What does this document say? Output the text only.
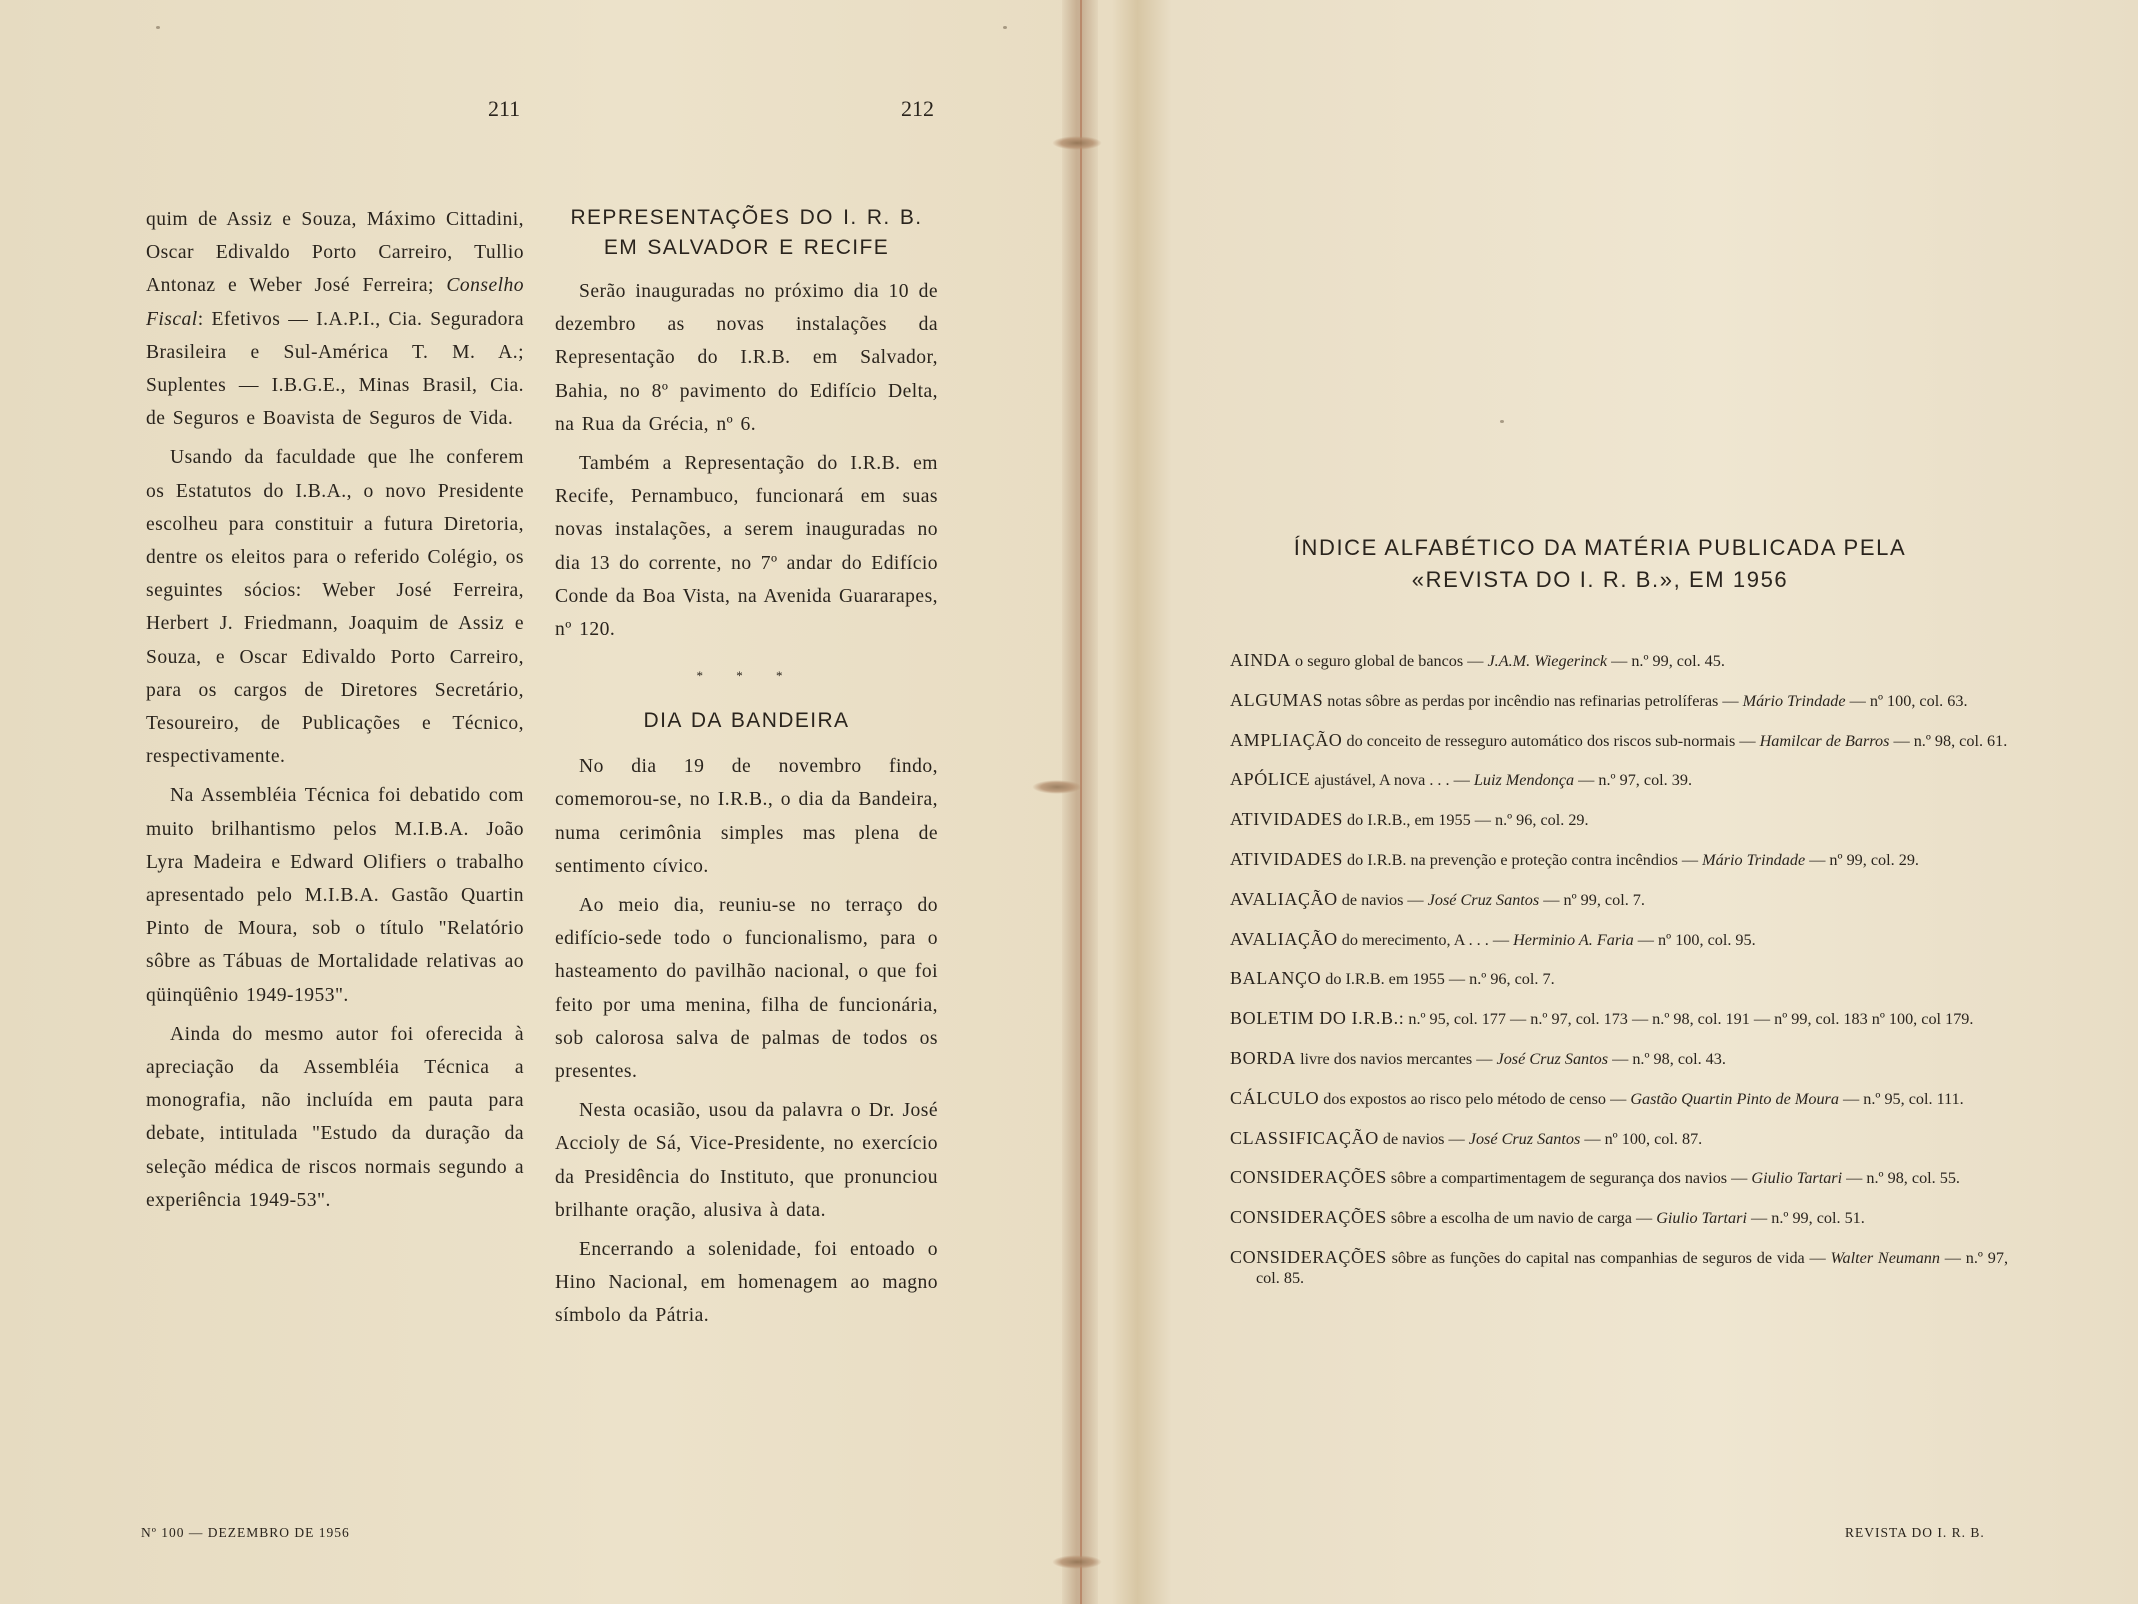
211	212

quim de Assiz e Souza, Máximo Cittadini, Oscar Edivaldo Porto Carreiro, Tullio Antonaz e Weber José Ferreira; Conselho Fiscal: Efetivos — I.A.P.I., Cia. Seguradora Brasileira e Sul-América T. M. A.; Suplentes — I.B.G.E., Minas Brasil, Cia. de Seguros e Boavista de Seguros de Vida.

Usando da faculdade que lhe conferem os Estatutos do I.B.A., o novo Presidente escolheu para constituir a futura Diretoria, dentre os eleitos para o referido Colégio, os seguintes sócios: Weber José Ferreira, Herbert J. Friedmann, Joaquim de Assiz e Souza, e Oscar Edivaldo Porto Carreiro, para os cargos de Diretores Secretário, Tesoureiro, de Publicações e Técnico, respectivamente.

Na Assembléia Técnica foi debatido com muito brilhantismo pelos M.I.B.A. João Lyra Madeira e Edward Olifiers o trabalho apresentado pelo M.I.B.A. Gastão Quartin Pinto de Moura, sob o título "Relatório sôbre as Tábuas de Mortalidade relativas ao qüinqüênio 1949-1953".

Ainda do mesmo autor foi oferecida à apreciação da Assembléia Técnica a monografia, não incluída em pauta para debate, intitulada "Estudo da duração da seleção médica de riscos normais segundo a experiência 1949-53".

REPRESENTAÇÕES DO I. R. B.
EM SALVADOR E RECIFE

Serão inauguradas no próximo dia 10 de dezembro as novas instalações da Representação do I.R.B. em Salvador, Bahia, no 8º pavimento do Edifício Delta, na Rua da Grécia, nº 6.

Também a Representação do I.R.B. em Recife, Pernambuco, funcionará em suas novas instalações, a serem inauguradas no dia 13 do corrente, no 7º andar do Edifício Conde da Boa Vista, na Avenida Guararapes, nº 120.

* * *
DIA DA BANDEIRA

No dia 19 de novembro findo, comemorou-se, no I.R.B., o dia da Bandeira, numa cerimônia simples mas plena de sentimento cívico.

Ao meio dia, reuniu-se no terraço do edifício-sede todo o funcionalismo, para o hasteamento do pavilhão nacional, o que foi feito por uma menina, filha de funcionária, sob calorosa salva de palmas de todos os presentes.

Nesta ocasião, usou da palavra o Dr. José Accioly de Sá, Vice-Presidente, no exercício da Presidência do Instituto, que pronunciou brilhante oração, alusiva à data.

Encerrando a solenidade, foi entoado o Hino Nacional, em homenagem ao magno símbolo da Pátria.

Nº 100 — DEZEMBRO DE 1956
ÍNDICE ALFABÉTICO DA MATÉRIA PUBLICADA PELA
«REVISTA DO I. R. B.», EM 1956
AINDA o seguro global de bancos — J.A.M. Wiegerinck — n.º 99, col. 45.
ALGUMAS notas sôbre as perdas por incêndio nas refinarias petrolíferas — Mário Trindade — nº 100, col. 63.
AMPLIAÇÃO do conceito de resseguro automático dos riscos sub-normais — Hamilcar de Barros — n.º 98, col. 61.
APÓLICE ajustável, A nova . . . — Luiz Mendonça — n.º 97, col. 39.
ATIVIDADES do I.R.B., em 1955 — n.º 96, col. 29.
ATIVIDADES do I.R.B. na prevenção e proteção contra incêndios — Mário Trindade — nº 99, col. 29.
AVALIAÇÃO de navios — José Cruz Santos — nº 99, col. 7.
AVALIAÇÃO do merecimento, A . . . — Herminio A. Faria — nº 100, col. 95.
BALANÇO do I.R.B. em 1955 — n.º 96, col. 7.
BOLETIM DO I.R.B.: n.º 95, col. 177 — n.º 97, col. 173 — n.º 98, col. 191 — nº 99, col. 183 nº 100, col 179.
BORDA livre dos navios mercantes — José Cruz Santos — n.º 98, col. 43.
CÁLCULO dos expostos ao risco pelo método de censo — Gastão Quartin Pinto de Moura — n.º 95, col. 111.
CLASSIFICAÇÃO de navios — José Cruz Santos — nº 100, col. 87.
CONSIDERAÇÕES sôbre a compartimentagem de segurança dos navios — Giulio Tartari — n.º 98, col. 55.
CONSIDERAÇÕES sôbre a escolha de um navio de carga — Giulio Tartari — n.º 99, col. 51.
CONSIDERAÇÕES sôbre as funções do capital nas companhias de seguros de vida — Walter Neumann — n.º 97, col. 85.
REVISTA DO I. R. B.
